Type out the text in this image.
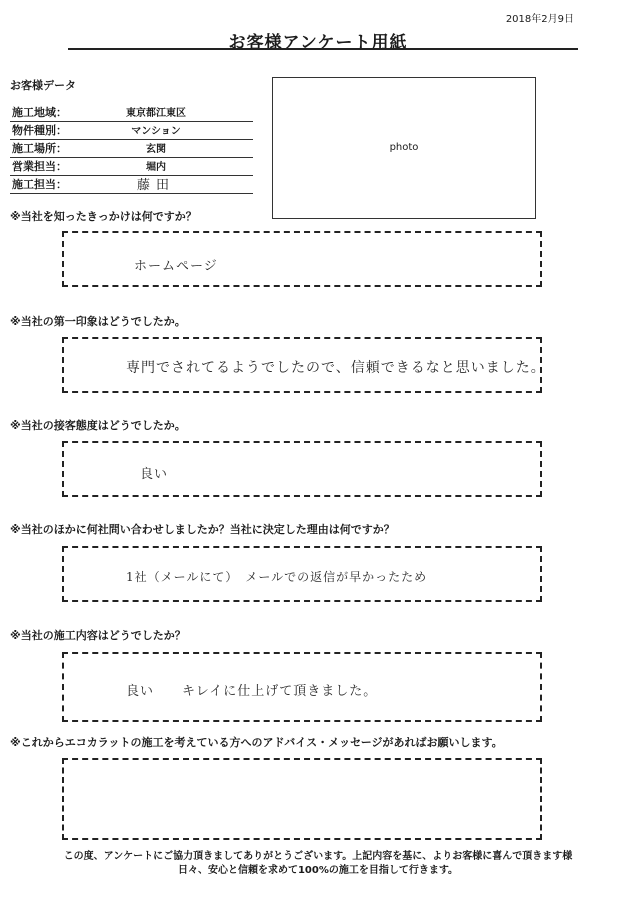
2018年2月9日
お客様アンケート用紙
お客様データ
施工地域：	東京都江東区
物件種別：	マンション
施工場所：	玄関
営業担当：	堀内
施工担当：	藤田
photo
※当社を知ったきっかけは何ですか？
ホームページ
※当社の第一印象はどうでしたか。
専門でされてるようでしたので、信頼できるなと思いました。
※当社の接客態度はどうでしたか。
良い
※当社のほかに何社問い合わせしましたか？当社に決定した理由は何ですか？
1社（メールにて）　メールでの返信が早かったため
※当社の施工内容はどうでしたか？
良い　　キレイに仕上げて頂きました。
※これからエコカラットの施工を考えている方へのアドバイス・メッセージがあればお願いします。
この度、アンケートにご協力頂きましてありがとうございます。上記内容を基に、よりお客様に喜んで頂きます様
日々、安心と信頼を求めて100%の施工を目指して行きます。
